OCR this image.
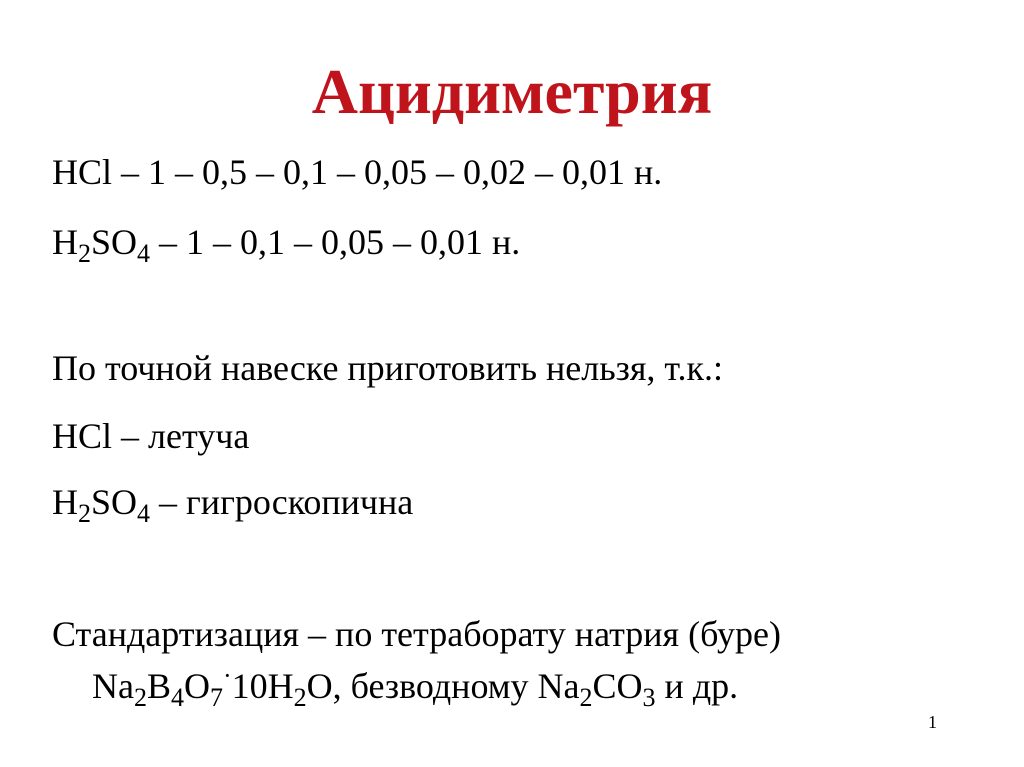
Ацидиметрия
HCl – 1 – 0,5 – 0,1 – 0,05 – 0,02 – 0,01 н.
$H_2SO_4 - 1 - 0,1 - 0,05 - 0,01$ н.
По точной навеске приготовить нельзя, т.к.:
HCl – летуча
$H_2SO_4$ – гигроскопична
Стандартизация – по тетраборату натрия (буре)
$Na_2B_4O_7^\cdot 10H_2O$, безводному $Na_2CO_3$ и др.
1
